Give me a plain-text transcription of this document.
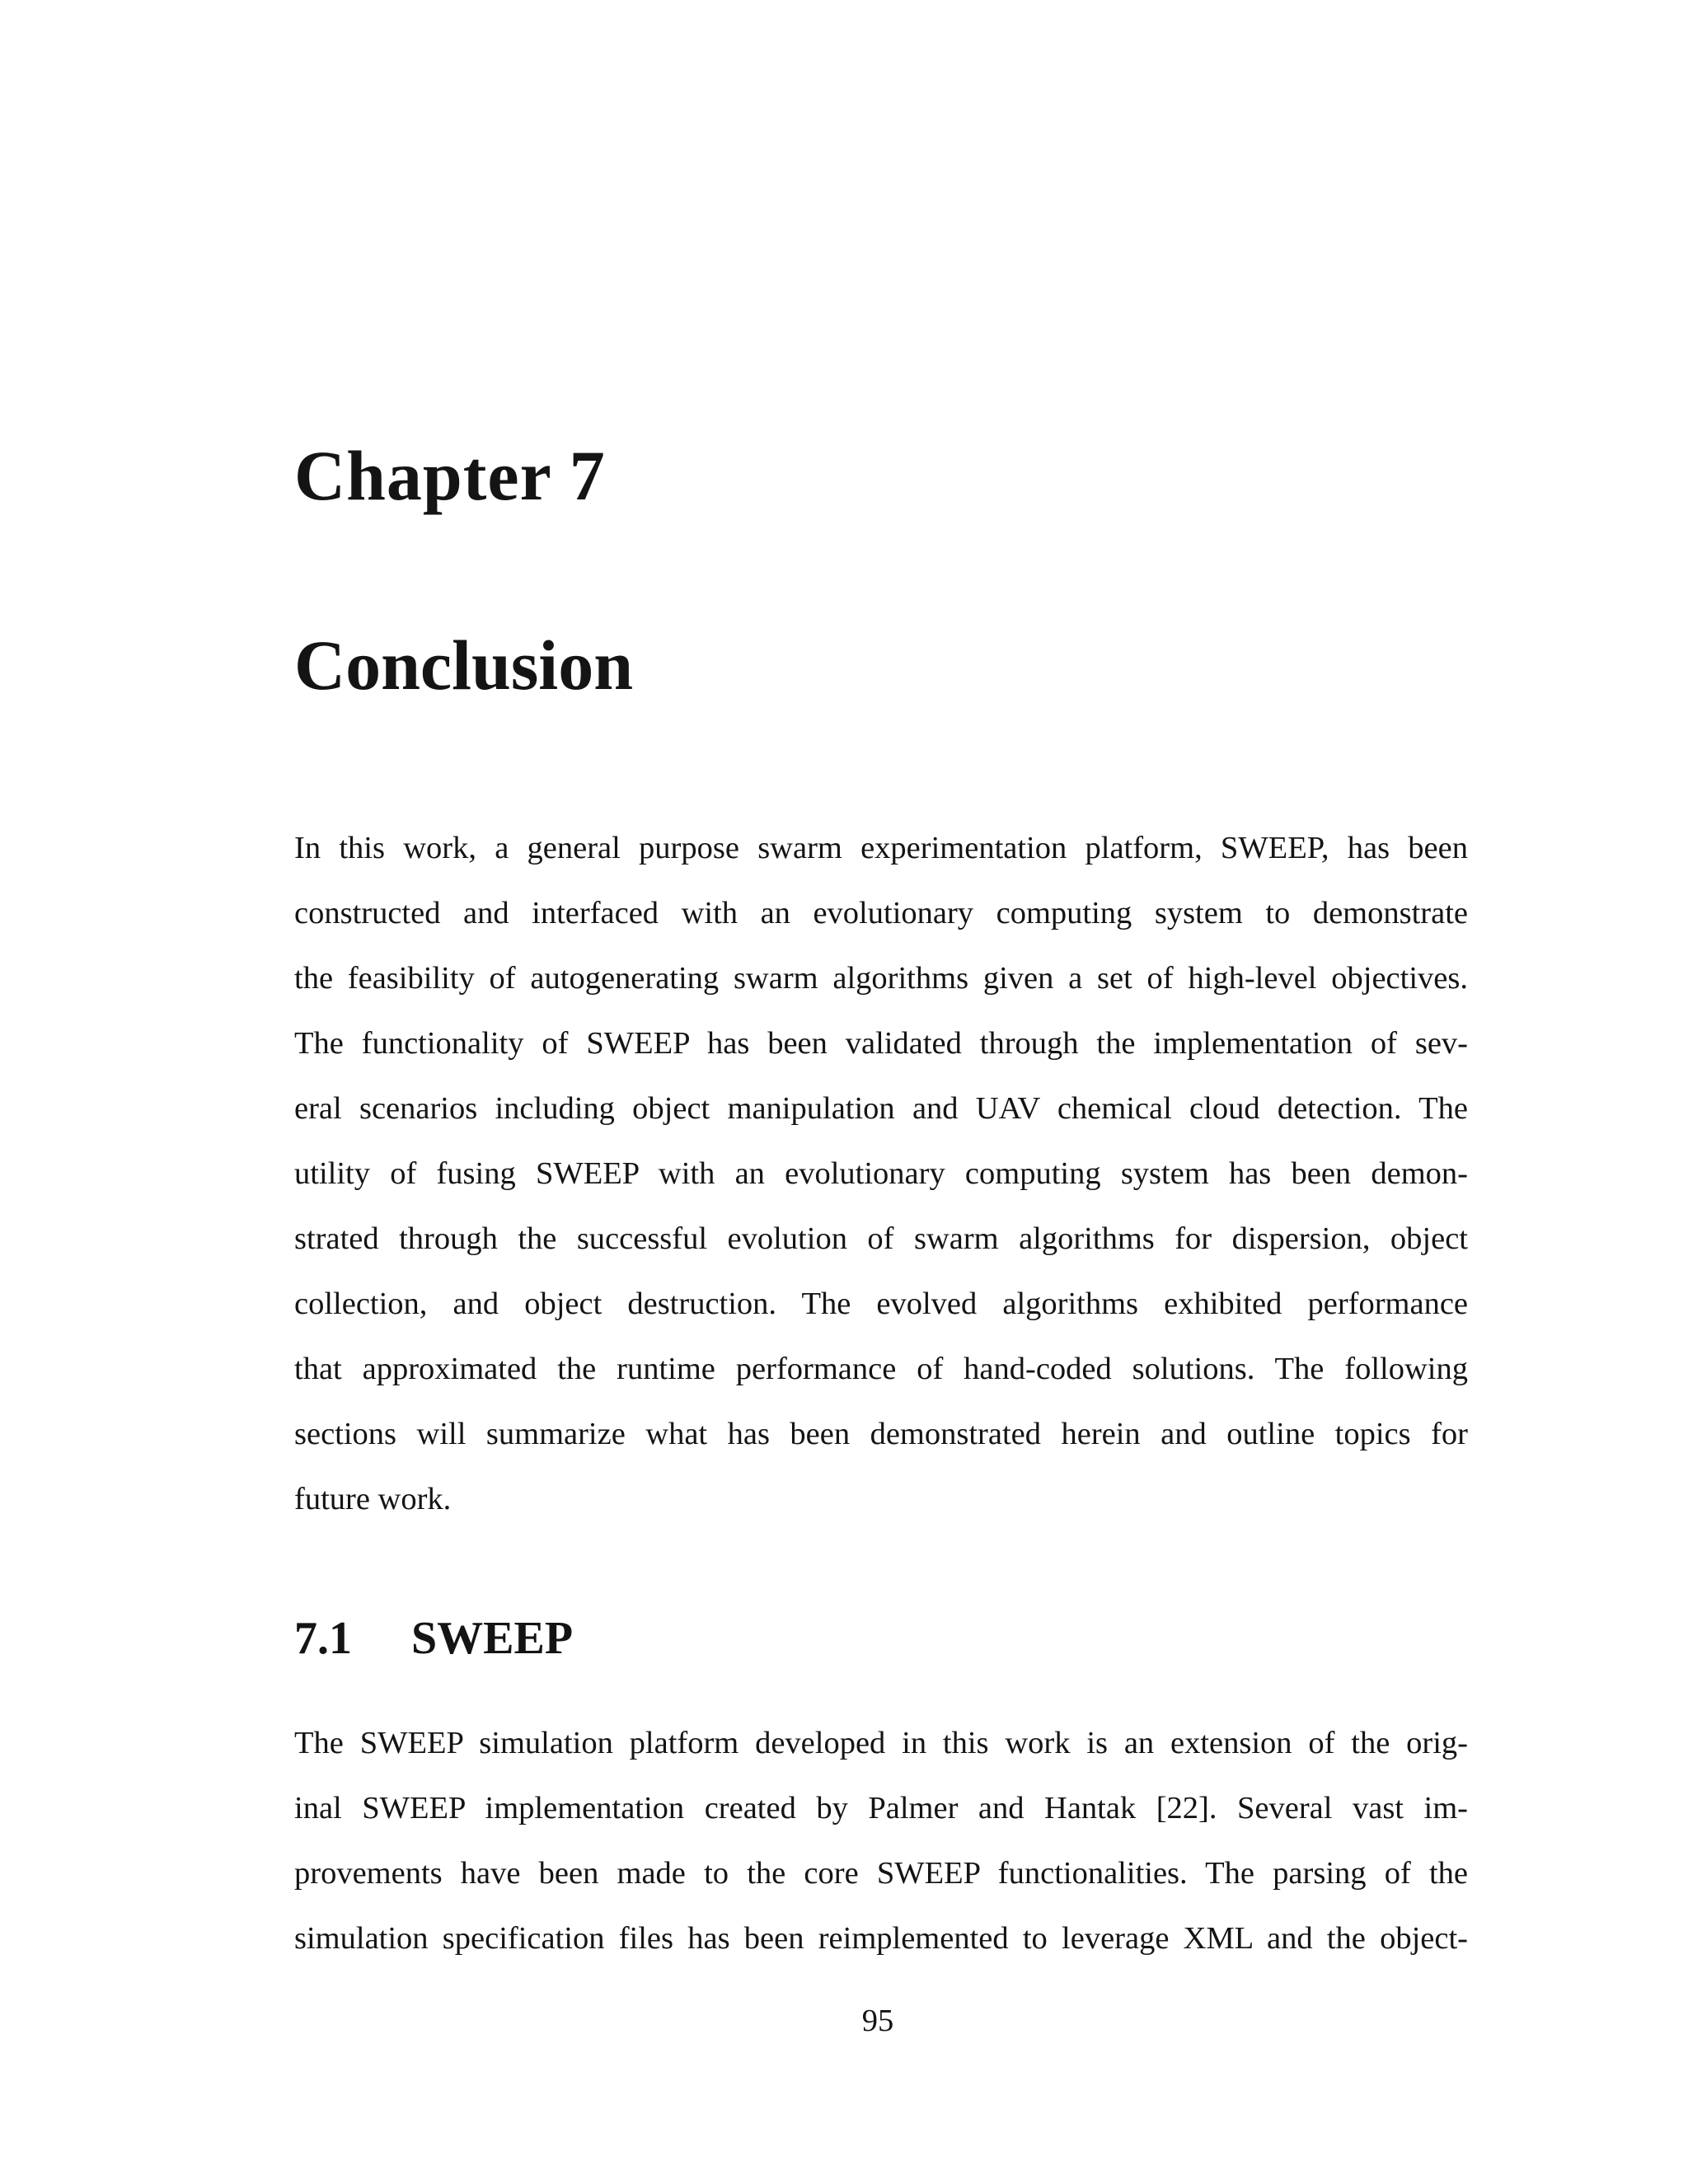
Chapter 7
Conclusion
In this work, a general purpose swarm experimentation platform, SWEEP, has been
constructed and interfaced with an evolutionary computing system to demonstrate
the feasibility of autogenerating swarm algorithms given a set of high-level objectives.
The functionality of SWEEP has been validated through the implementation of sev-
eral scenarios including object manipulation and UAV chemical cloud detection. The
utility of fusing SWEEP with an evolutionary computing system has been demon-
strated through the successful evolution of swarm algorithms for dispersion, object
collection, and object destruction. The evolved algorithms exhibited performance
that approximated the runtime performance of hand-coded solutions. The following
sections will summarize what has been demonstrated herein and outline topics for
future work.
7.1 SWEEP
The SWEEP simulation platform developed in this work is an extension of the orig-
inal SWEEP implementation created by Palmer and Hantak [22]. Several vast im-
provements have been made to the core SWEEP functionalities. The parsing of the
simulation specification files has been reimplemented to leverage XML and the object-
95
